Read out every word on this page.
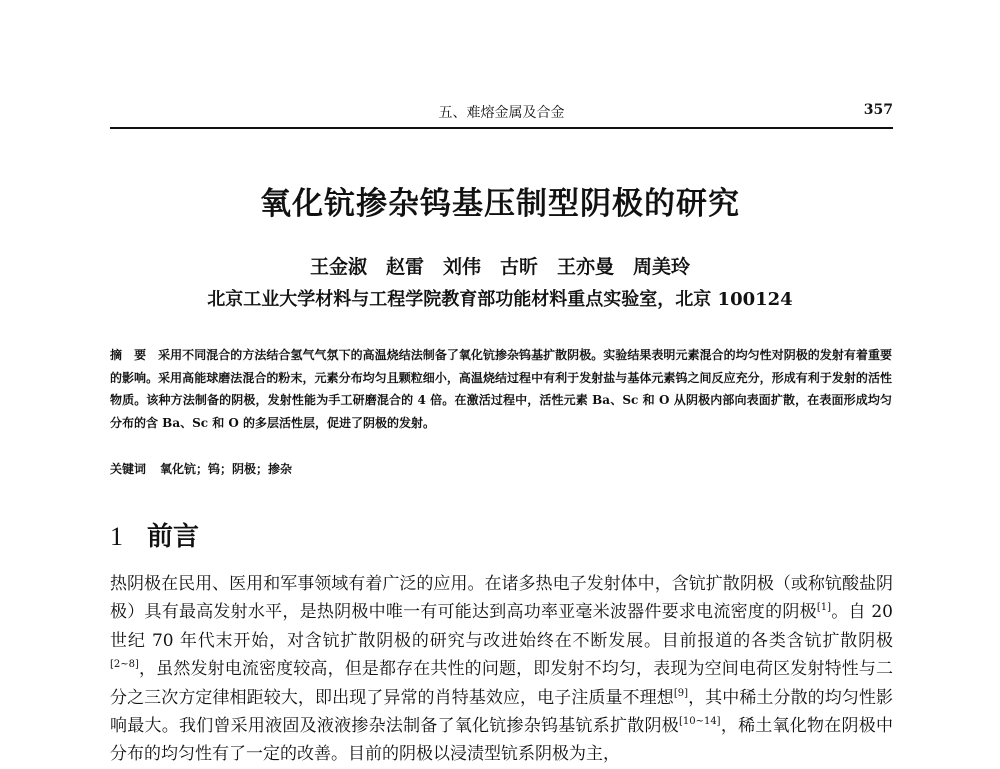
五、难熔金属及合金	357
氧化钪掺杂钨基压制型阴极的研究
王金淑　赵雷　刘伟　古昕　王亦曼　周美玲
北京工业大学材料与工程学院教育部功能材料重点实验室，北京 100124
摘　要 采用不同混合的方法结合氢气气氛下的高温烧结法制备了氧化钪掺杂钨基扩散阴极。实验结果表明元素混合的均匀性对阴极的发射有着重要的影响。采用高能球磨法混合的粉末，元素分布均匀且颗粒细小，高温烧结过程中有利于发射盐与基体元素钨之间反应充分，形成有利于发射的活性物质。该种方法制备的阴极，发射性能为手工研磨混合的 4 倍。在激活过程中，活性元素 Ba、Sc 和 O 从阴极内部向表面扩散，在表面形成均匀分布的含 Ba、Sc 和 O 的多层活性层，促进了阴极的发射。
关键词 氧化钪；钨；阴极；掺杂
1 前言
热阴极在民用、医用和军事领域有着广泛的应用。在诸多热电子发射体中，含钪扩散阴极（或称钪酸盐阴极）具有最高发射水平，是热阴极中唯一有可能达到高功率亚毫米波器件要求电流密度的阴极[1]。自 20 世纪 70 年代末开始，对含钪扩散阴极的研究与改进始终在不断发展。目前报道的各类含钪扩散阴极[2~8]，虽然发射电流密度较高，但是都存在共性的问题，即发射不均匀，表现为空间电荷区发射特性与二分之三次方定律相距较大，即出现了异常的肖特基效应，电子注质量不理想[9]，其中稀土分散的均匀性影响最大。我们曾采用液固及液液掺杂法制备了氧化钪掺杂钨基钪系扩散阴极[10~14]，稀土氧化物在阴极中分布的均匀性有了一定的改善。目前的阴极以浸渍型钪系阴极为主，
